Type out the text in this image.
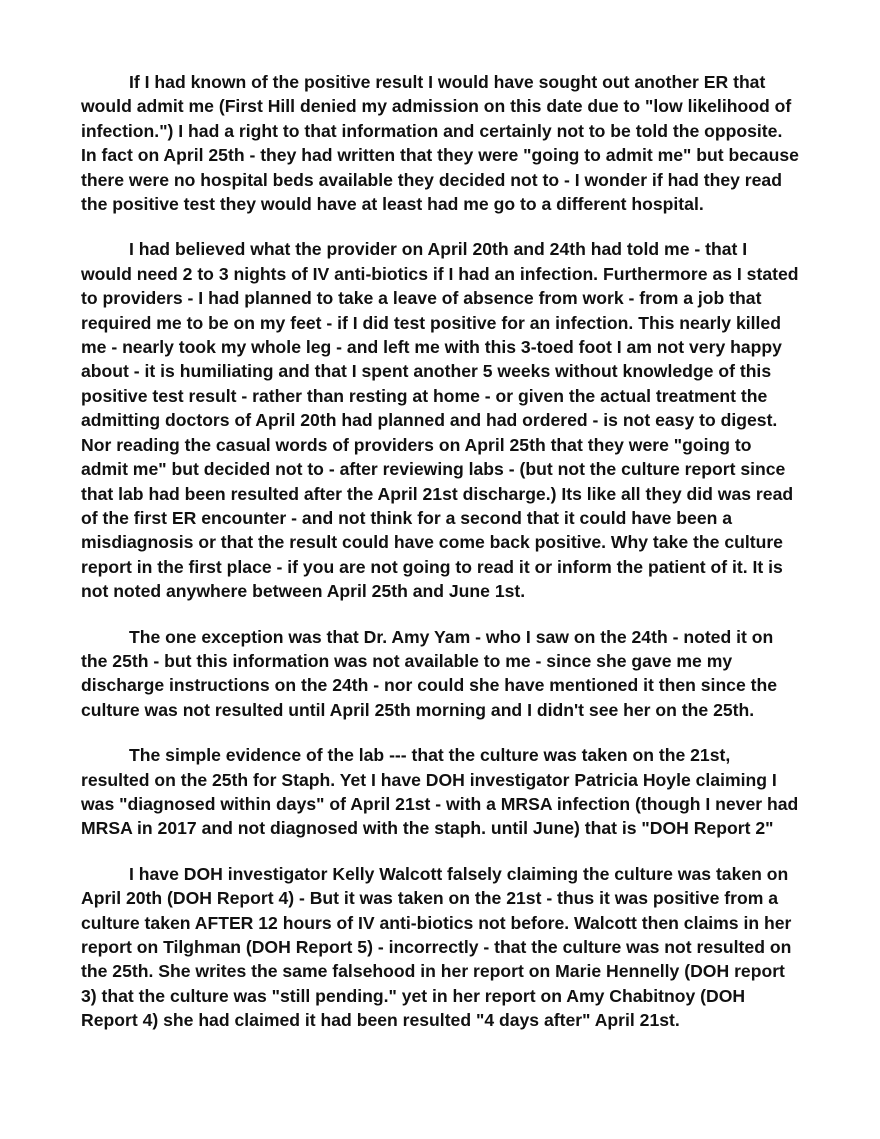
If I had known of the positive result I would have sought out another ER that would admit me (First Hill denied my admission on this date due to "low likelihood of infection.") I had a right to that information and certainly not to be told the opposite. In fact on April 25th - they had written that they were "going to admit me" but because there were no hospital beds available they decided not to - I wonder if had they read the positive test they would have at least had me go to a different hospital.

I had believed what the provider on April 20th and 24th had told me - that I would need 2 to 3 nights of IV anti-biotics if I had an infection. Furthermore as I stated to providers - I had planned to take a leave of absence from work - from a job that required me to be on my feet - if I did test positive for an infection. This nearly killed me - nearly took my whole leg - and left me with this 3-toed foot I am not very happy about - it is humiliating and that I spent another 5 weeks without knowledge of this positive test result - rather than resting at home - or given the actual treatment the admitting doctors of April 20th had planned and had ordered - is not easy to digest. Nor reading the casual words of providers on April 25th that they were "going to admit me" but decided not to - after reviewing labs - (but not the culture report since that lab had been resulted after the April 21st discharge.) Its like all they did was read of the first ER encounter - and not think for a second that it could have been a misdiagnosis or that the result could have come back positive. Why take the culture report in the first place - if you are not going to read it or inform the patient of it. It is not noted anywhere between April 25th and June 1st.

The one exception was that Dr. Amy Yam - who I saw on the 24th - noted it on the 25th - but this information was not available to me - since she gave me my discharge instructions on the 24th - nor could she have mentioned it then since the culture was not resulted until April 25th morning and I didn't see her on the 25th.

The simple evidence of the lab --- that the culture was taken on the 21st, resulted on the 25th for Staph. Yet I have DOH investigator Patricia Hoyle claiming I was "diagnosed within days" of April 21st - with a MRSA infection (though I never had MRSA in 2017 and not diagnosed with the staph. until June) that is "DOH Report 2"

I have DOH investigator Kelly Walcott falsely claiming the culture was taken on April 20th (DOH Report 4) - But it was taken on the 21st - thus it was positive from a culture taken AFTER 12 hours of IV anti-biotics not before. Walcott then claims in her report on Tilghman (DOH Report 5) - incorrectly - that the culture was not resulted on the 25th. She writes the same falsehood in her report on Marie Hennelly (DOH report 3) that the culture was "still pending." yet in her report on Amy Chabitnoy (DOH Report 4) she had claimed it had been resulted "4 days after" April 21st.
